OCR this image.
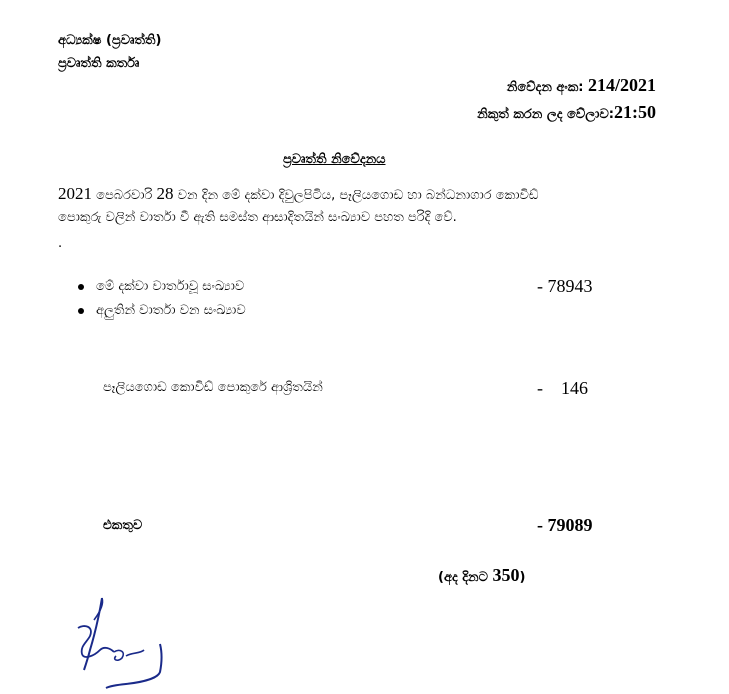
අධ්‍යක්ෂ (ප්‍රවෘත්ති)
ප්‍රවෘත්ති කර්තෘ
නිවේදන අංක: 214/2021
නිකුත් කරන ලද වේලාව:21:50
ප්‍රවෘත්ති නිවේදනය
2021 පෙබරවාරි 28 වන දින මේ දක්වා දිවුලපිටිය, පෑලියගොඩ හා බන්ධනාගාර කොවිඩ්
පොකුරු වලින් වාර්තා වී ඇති සමස්ත ආසාදිතයින් සංඛ්‍යාව පහත පරිදි වේ.
.
මේ දක්වා වාර්තාවූ සංඛ්‍යාව	- 78943
අලුතින් වාර්තා වන සංඛ්‍යාව
පෑලියගොඩ කොවිඩ් පොකුරේ ආශ්‍රිතයින්	-    146
එකතුව	- 79089
(අද දිනට 350)
